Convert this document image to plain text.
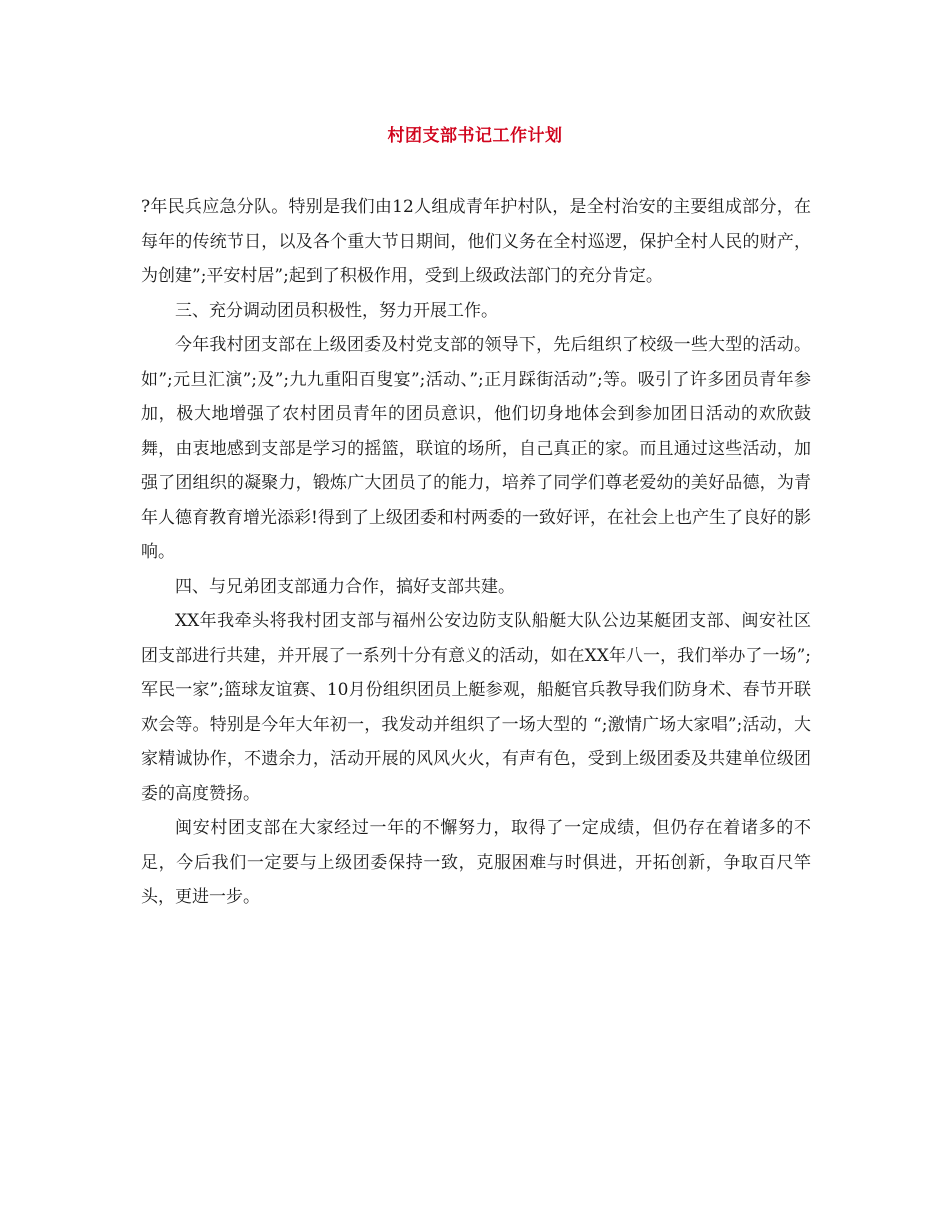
村团支部书记工作计划

?年民兵应急分队。特别是我们由12人组成青年护村队，是全村治安的主要组成部分，在每年的传统节日，以及各个重大节日期间，他们义务在全村巡逻，保护全村人民的财产，为创建”;平安村居”;起到了积极作用，受到上级政法部门的充分肯定。

三、充分调动团员积极性，努力开展工作。

今年我村团支部在上级团委及村党支部的领导下，先后组织了校级一些大型的活动。如”;元旦汇演”;及”;九九重阳百叟宴”;活动、”;正月踩街活动”;等。吸引了许多团员青年参加，极大地增强了农村团员青年的团员意识，他们切身地体会到参加团日活动的欢欣鼓舞，由衷地感到支部是学习的摇篮，联谊的场所，自己真正的家。而且通过这些活动，加强了团组织的凝聚力，锻炼广大团员了的能力，培养了同学们尊老爱幼的美好品德，为青年人德育教育增光添彩!得到了上级团委和村两委的一致好评，在社会上也产生了良好的影响。

四、与兄弟团支部通力合作，搞好支部共建。

XX年我牵头将我村团支部与福州公安边防支队船艇大队公边某艇团支部、闽安社区团支部进行共建，并开展了一系列十分有意义的活动，如在XX年八一，我们举办了一场”;军民一家”;篮球友谊赛、10月份组织团员上艇参观，船艇官兵教导我们防身术、春节开联欢会等。特别是今年大年初一，我发动并组织了一场大型的 “;激情广场大家唱”;活动，大家精诚协作，不遗余力，活动开展的风风火火，有声有色，受到上级团委及共建单位级团委的高度赞扬。

闽安村团支部在大家经过一年的不懈努力，取得了一定成绩，但仍存在着诸多的不足，今后我们一定要与上级团委保持一致，克服困难与时俱进，开拓创新，争取百尺竿头，更进一步。
